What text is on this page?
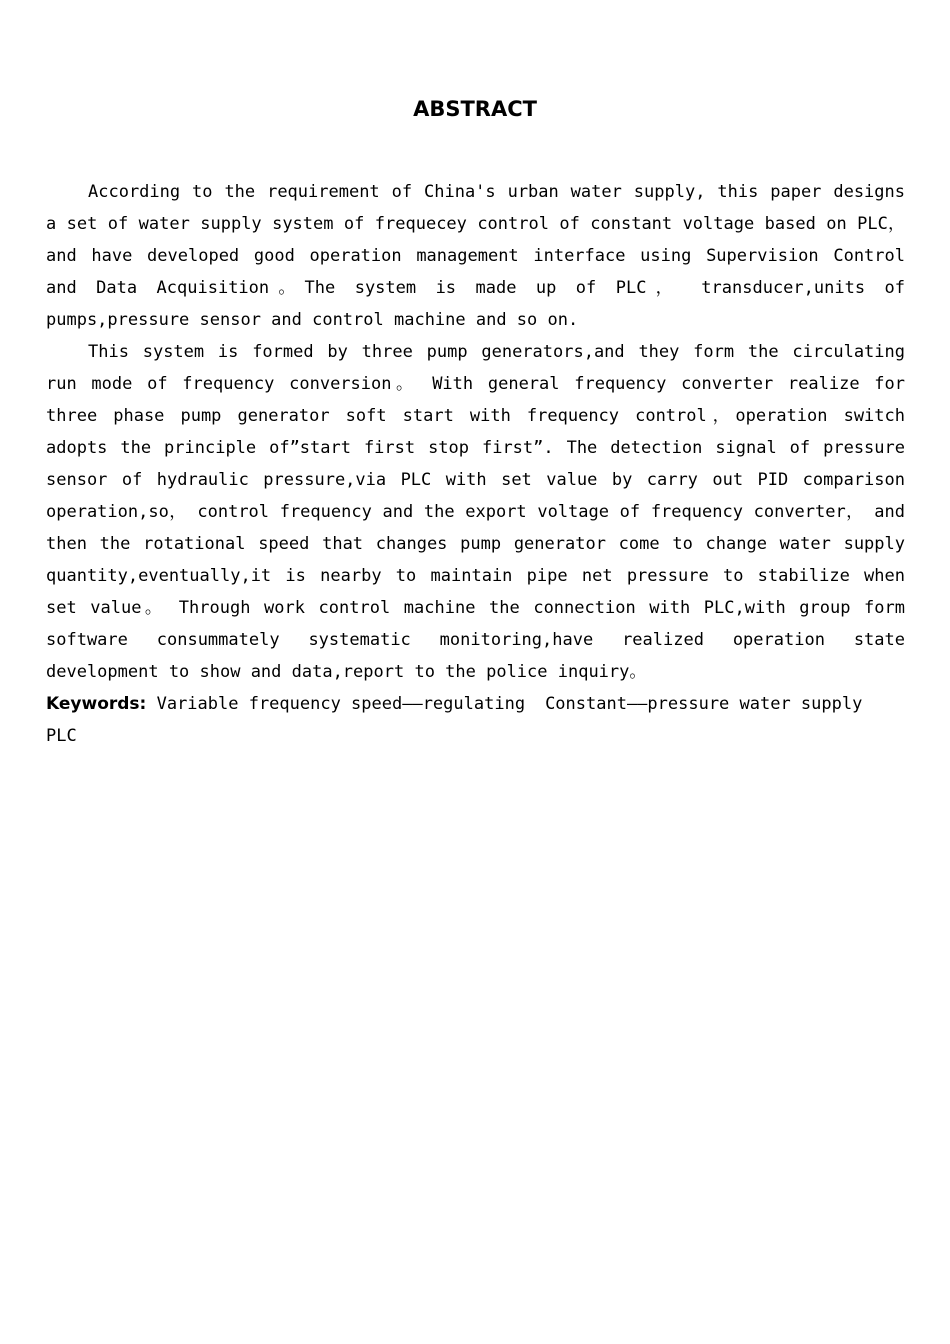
ABSTRACT

According to the requirement of China's urban water supply, this paper designs a set of water supply system of frequecey control of constant voltage based on PLC， and have developed good operation management interface using Supervision Control and Data Acquisition。The system is made up of PLC， transducer,units of pumps,pressure sensor and control machine and so on.

This system is formed by three pump generators,and they form the circulating run mode of frequency conversion。 With general frequency converter realize for three phase pump generator soft start with frequency control，operation switch adopts the principle of”start first stop first”. The detection signal of pressure sensor of hydraulic pressure,via PLC with set value by carry out PID comparison operation,so， control frequency and the export voltage of frequency converter， and then the rotational speed that changes pump generator come to change water supply quantity,eventually,it is nearby to maintain pipe net pressure to stabilize when set value。 Through work control machine the connection with PLC,with group form software consummately systematic monitoring,have realized operation state development to show and data,report to the police inquiry。

Keywords: Variable frequency speed——regulating Constant——pressure water supply
PLC
